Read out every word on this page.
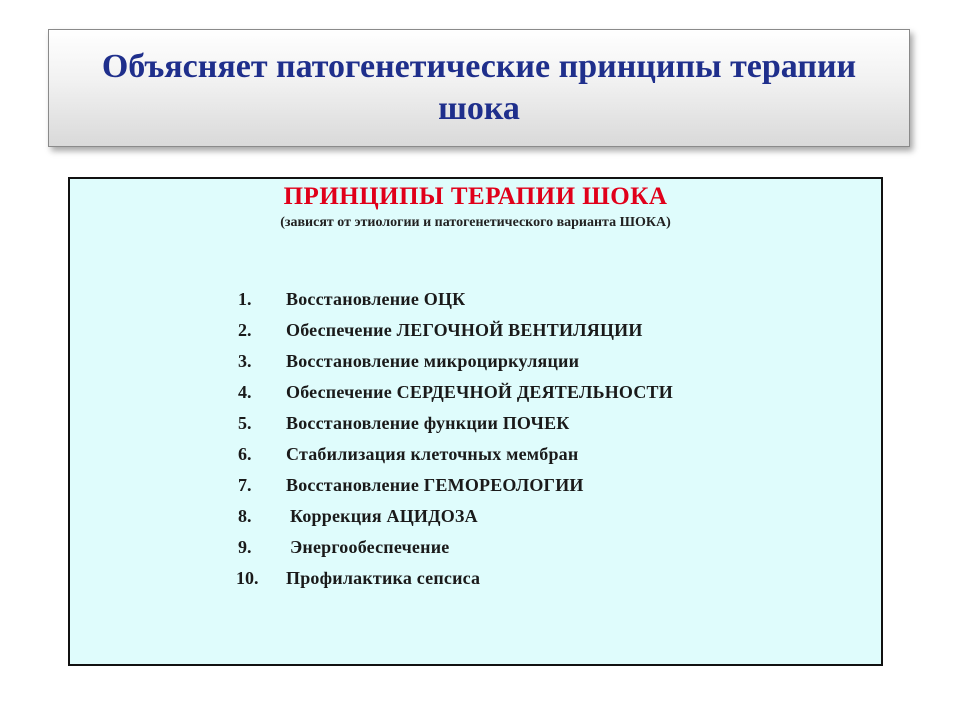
Объясняет патогенетические принципы терапии шока
ПРИНЦИПЫ ТЕРАПИИ ШОКА
(зависят от этиологии и патогенетического варианта ШОКА)
1.	Восстановление ОЦК
2.	Обеспечение ЛЕГОЧНОЙ ВЕНТИЛЯЦИИ
3.	Восстановление микроциркуляции
4.	Обеспечение СЕРДЕЧНОЙ ДЕЯТЕЛЬНОСТИ
5.	Восстановление функции ПОЧЕК
6.	Стабилизация клеточных мембран
7.	Восстановление ГЕМОРЕОЛОГИИ
8.	Коррекция АЦИДОЗА
9.	Энергообеспечение
10.	Профилактика сепсиса
